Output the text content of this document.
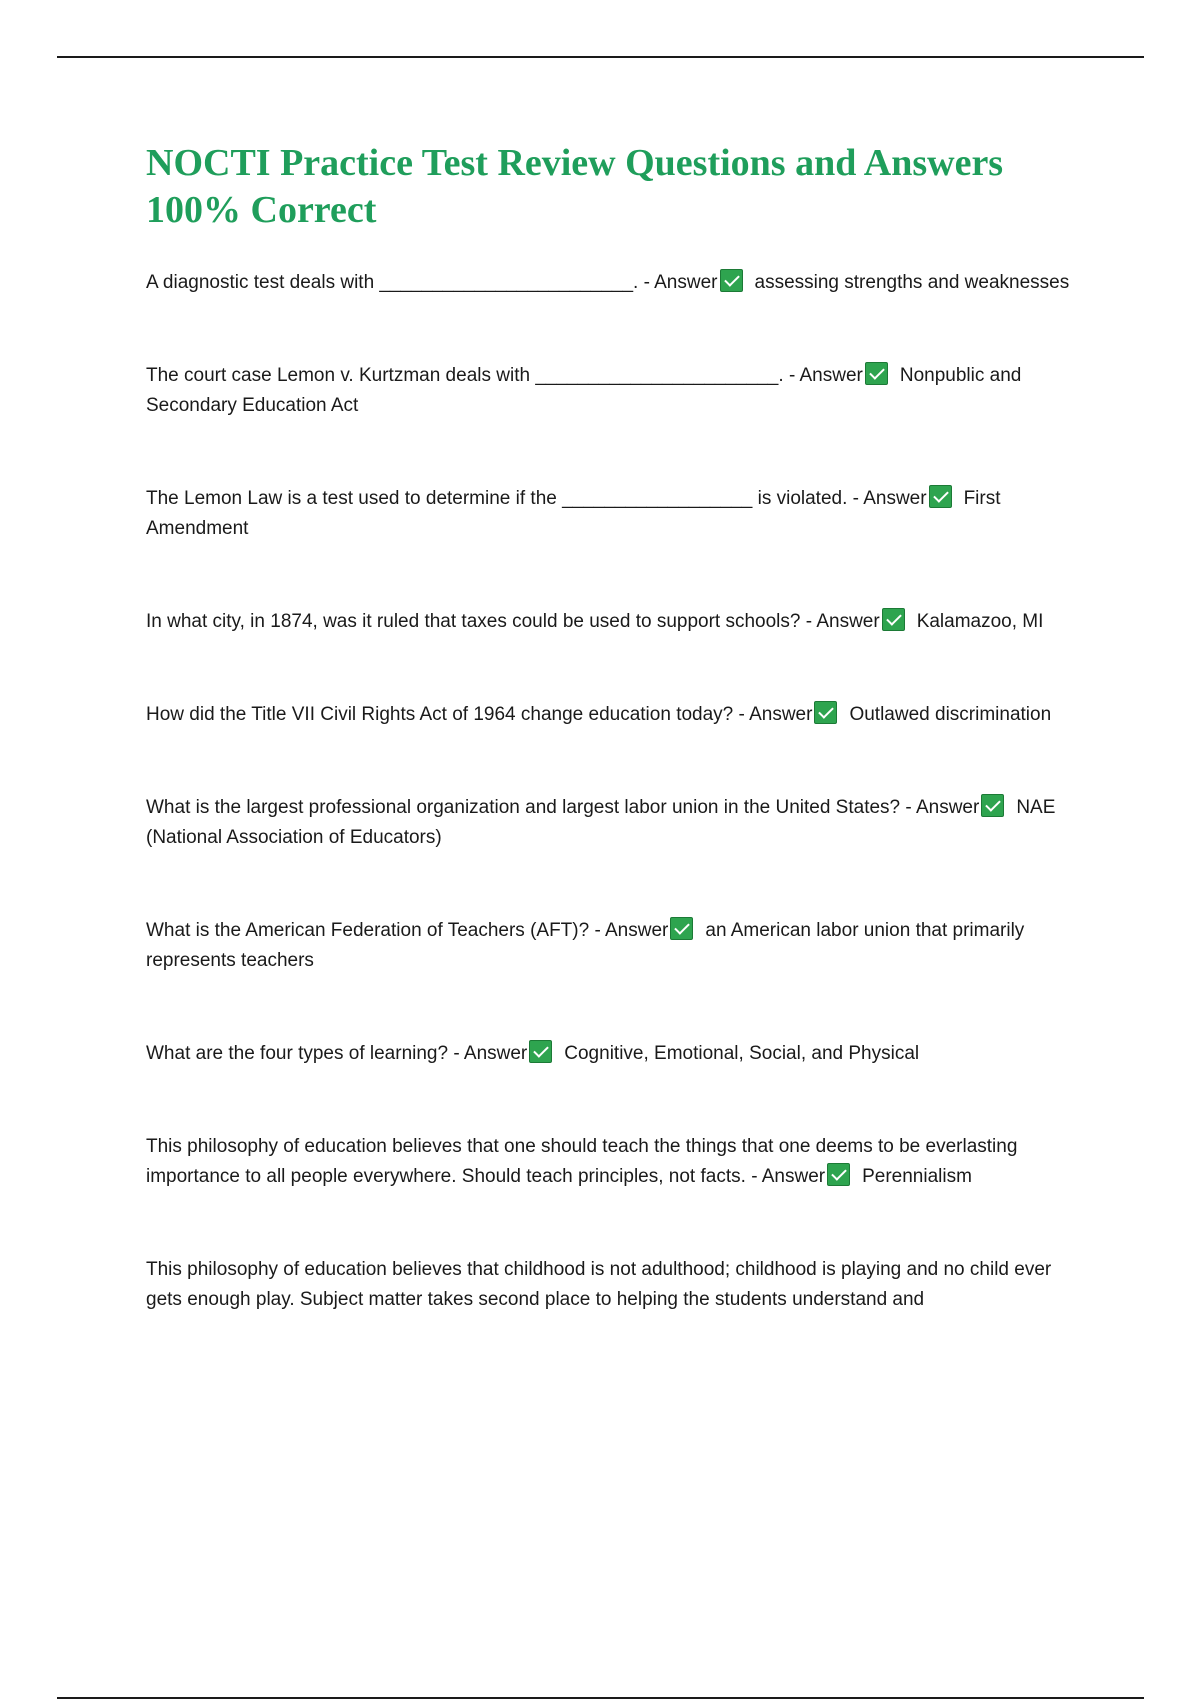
NOCTI Practice Test Review Questions and Answers 100% Correct

A diagnostic test deals with ________________________. - Answer assessing strengths and weaknesses

The court case Lemon v. Kurtzman deals with _______________________. - Answer Nonpublic and Secondary Education Act

The Lemon Law is a test used to determine if the __________________ is violated. - Answer First Amendment

In what city, in 1874, was it ruled that taxes could be used to support schools? - Answer Kalamazoo, MI

How did the Title VII Civil Rights Act of 1964 change education today? - Answer Outlawed discrimination

What is the largest professional organization and largest labor union in the United States? - Answer NAE (National Association of Educators)

What is the American Federation of Teachers (AFT)? - Answer an American labor union that primarily represents teachers

What are the four types of learning? - Answer Cognitive, Emotional, Social, and Physical

This philosophy of education believes that one should teach the things that one deems to be everlasting importance to all people everywhere. Should teach principles, not facts. - Answer Perennialism

This philosophy of education believes that childhood is not adulthood; childhood is playing and no child ever gets enough play. Subject matter takes second place to helping the students understand and
